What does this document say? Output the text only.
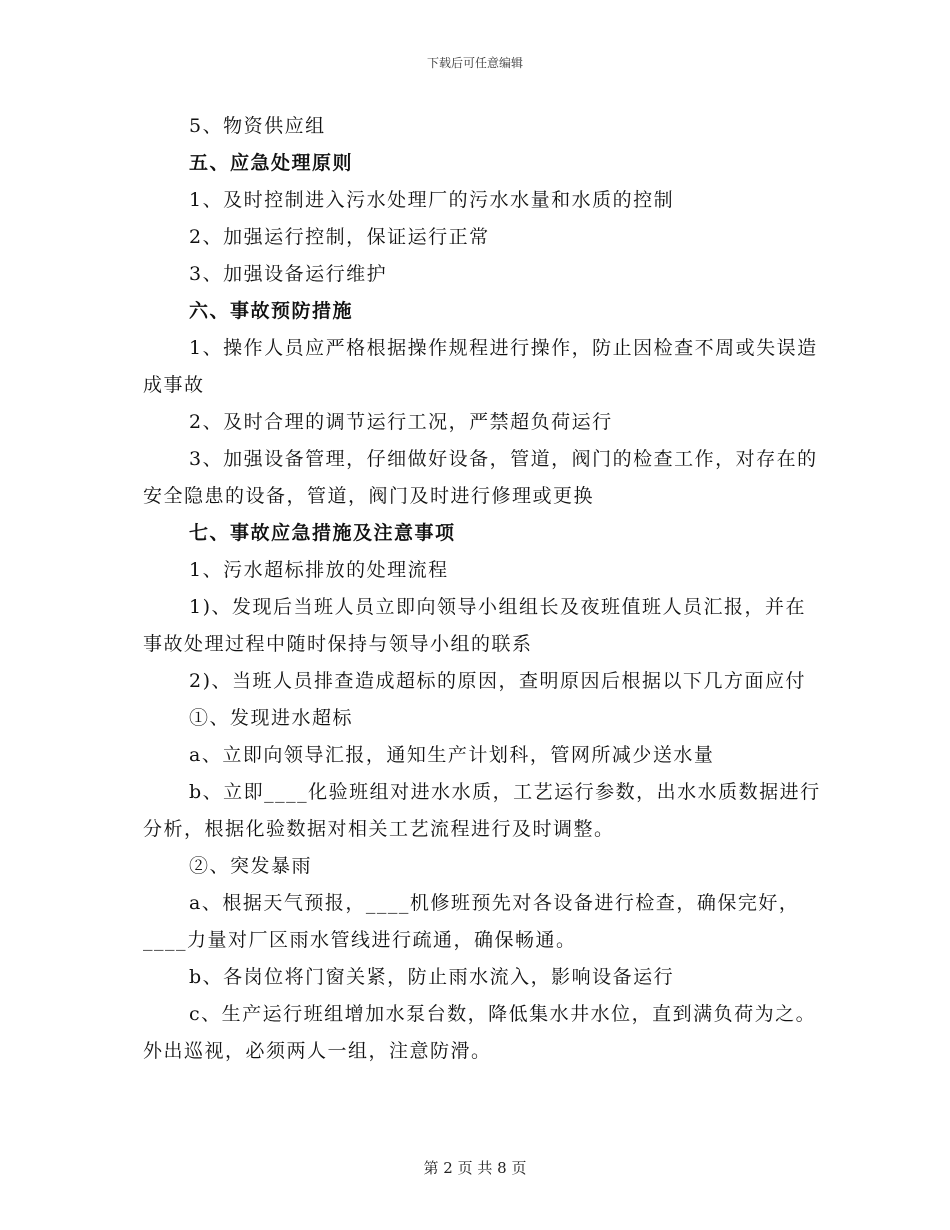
下载后可任意编辑
5、物资供应组
五、应急处理原则
1、及时控制进入污水处理厂的污水水量和水质的控制
2、加强运行控制，保证运行正常
3、加强设备运行维护
六、事故预防措施
1、操作人员应严格根据操作规程进行操作，防止因检查不周或失误造成事故
2、及时合理的调节运行工况，严禁超负荷运行
3、加强设备管理，仔细做好设备，管道，阀门的检查工作，对存在的安全隐患的设备，管道，阀门及时进行修理或更换
七、事故应急措施及注意事项
1、污水超标排放的处理流程
1)、发现后当班人员立即向领导小组组长及夜班值班人员汇报，并在事故处理过程中随时保持与领导小组的联系
2)、当班人员排查造成超标的原因，查明原因后根据以下几方面应付
①、发现进水超标
a、立即向领导汇报，通知生产计划科，管网所减少送水量
b、立即____化验班组对进水水质，工艺运行参数，出水水质数据进行分析，根据化验数据对相关工艺流程进行及时调整。
②、突发暴雨
a、根据天气预报，____机修班预先对各设备进行检查，确保完好，____力量对厂区雨水管线进行疏通，确保畅通。
b、各岗位将门窗关紧，防止雨水流入，影响设备运行
c、生产运行班组增加水泵台数，降低集水井水位，直到满负荷为之。外出巡视，必须两人一组，注意防滑。
第 2 页 共 8 页
